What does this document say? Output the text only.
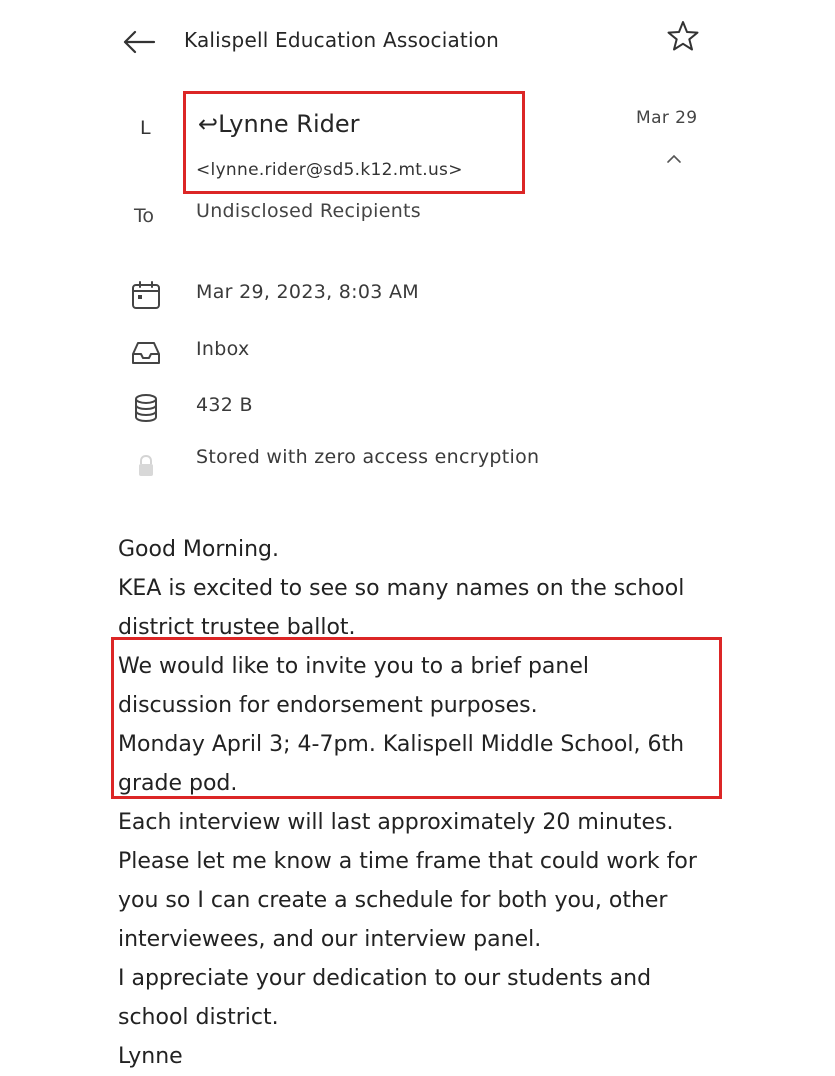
Kalispell Education Association
L ↩Lynne Rider
<lynne.rider@sd5.k12.mt.us>
Mar 29
To Undisclosed Recipients
Mar 29, 2023, 8:03 AM
Inbox
432 B
Stored with zero access encryption

Good Morning.

KEA is excited to see so many names on the school

district trustee ballot.

We would like to invite you to a brief panel

discussion for endorsement purposes.

Monday April 3; 4-7pm. Kalispell Middle School, 6th

grade pod.

Each interview will last approximately 20 minutes.

Please let me know a time frame that could work for

you so I can create a schedule for both you, other

interviewees, and our interview panel.

I appreciate your dedication to our students and

school district.

Lynne
